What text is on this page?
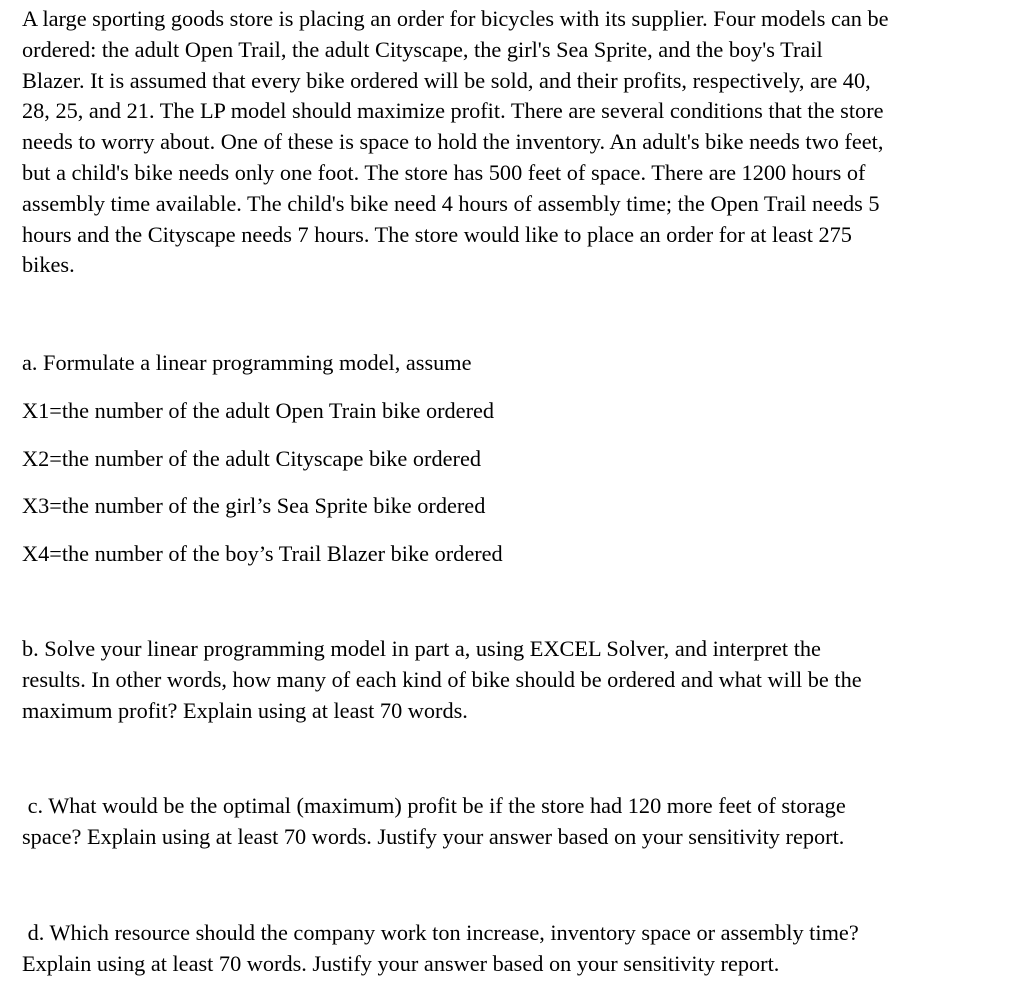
A large sporting goods store is placing an order for bicycles with its supplier. Four models can be
ordered: the adult Open Trail, the adult Cityscape, the girl's Sea Sprite, and the boy's Trail
Blazer. It is assumed that every bike ordered will be sold, and their profits, respectively, are 40,
28, 25, and 21. The LP model should maximize profit. There are several conditions that the store
needs to worry about. One of these is space to hold the inventory. An adult's bike needs two feet,
but a child's bike needs only one foot. The store has 500 feet of space. There are 1200 hours of
assembly time available. The child's bike need 4 hours of assembly time; the Open Trail needs 5
hours and the Cityscape needs 7 hours. The store would like to place an order for at least 275
bikes.

a. Formulate a linear programming model, assume

X1=the number of the adult Open Train bike ordered

X2=the number of the adult Cityscape bike ordered

X3=the number of the girl’s Sea Sprite bike ordered

X4=the number of the boy’s Trail Blazer bike ordered

b. Solve your linear programming model in part a, using EXCEL Solver, and interpret the
results. In other words, how many of each kind of bike should be ordered and what will be the
maximum profit? Explain using at least 70 words.

c. What would be the optimal (maximum) profit be if the store had 120 more feet of storage
space? Explain using at least 70 words. Justify your answer based on your sensitivity report.

d. Which resource should the company work ton increase, inventory space or assembly time?
Explain using at least 70 words. Justify your answer based on your sensitivity report.
